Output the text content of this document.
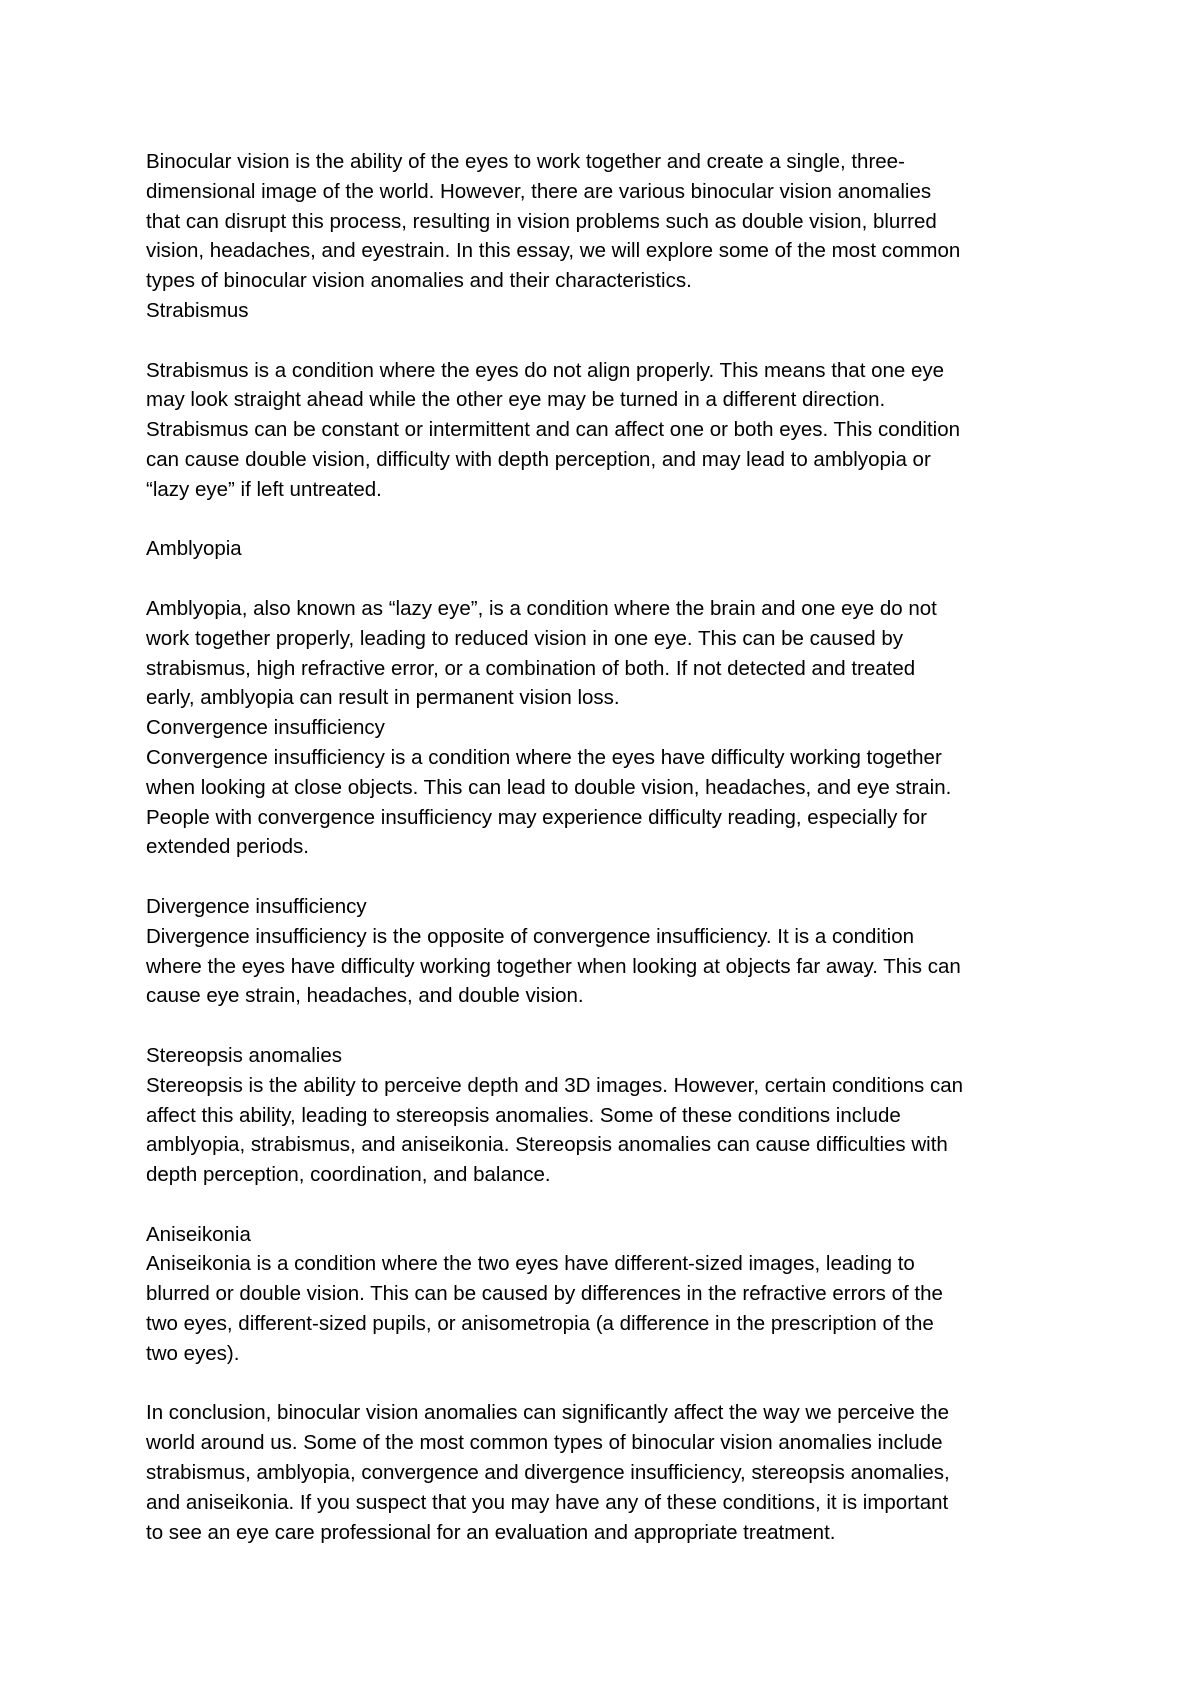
Binocular vision is the ability of the eyes to work together and create a single, three-
dimensional image of the world. However, there are various binocular vision anomalies
that can disrupt this process, resulting in vision problems such as double vision, blurred
vision, headaches, and eyestrain. In this essay, we will explore some of the most common
types of binocular vision anomalies and their characteristics.

Strabismus

Strabismus is a condition where the eyes do not align properly. This means that one eye
may look straight ahead while the other eye may be turned in a different direction.
Strabismus can be constant or intermittent and can affect one or both eyes. This condition
can cause double vision, difficulty with depth perception, and may lead to amblyopia or
“lazy eye” if left untreated.

Amblyopia

Amblyopia, also known as “lazy eye”, is a condition where the brain and one eye do not
work together properly, leading to reduced vision in one eye. This can be caused by
strabismus, high refractive error, or a combination of both. If not detected and treated
early, amblyopia can result in permanent vision loss.

Convergence insufficiency

Convergence insufficiency is a condition where the eyes have difficulty working together
when looking at close objects. This can lead to double vision, headaches, and eye strain.
People with convergence insufficiency may experience difficulty reading, especially for
extended periods.

Divergence insufficiency

Divergence insufficiency is the opposite of convergence insufficiency. It is a condition
where the eyes have difficulty working together when looking at objects far away. This can
cause eye strain, headaches, and double vision.

Stereopsis anomalies

Stereopsis is the ability to perceive depth and 3D images. However, certain conditions can
affect this ability, leading to stereopsis anomalies. Some of these conditions include
amblyopia, strabismus, and aniseikonia. Stereopsis anomalies can cause difficulties with
depth perception, coordination, and balance.

Aniseikonia

Aniseikonia is a condition where the two eyes have different-sized images, leading to
blurred or double vision. This can be caused by differences in the refractive errors of the
two eyes, different-sized pupils, or anisometropia (a difference in the prescription of the
two eyes).

In conclusion, binocular vision anomalies can significantly affect the way we perceive the
world around us. Some of the most common types of binocular vision anomalies include
strabismus, amblyopia, convergence and divergence insufficiency, stereopsis anomalies,
and aniseikonia. If you suspect that you may have any of these conditions, it is important
to see an eye care professional for an evaluation and appropriate treatment.
